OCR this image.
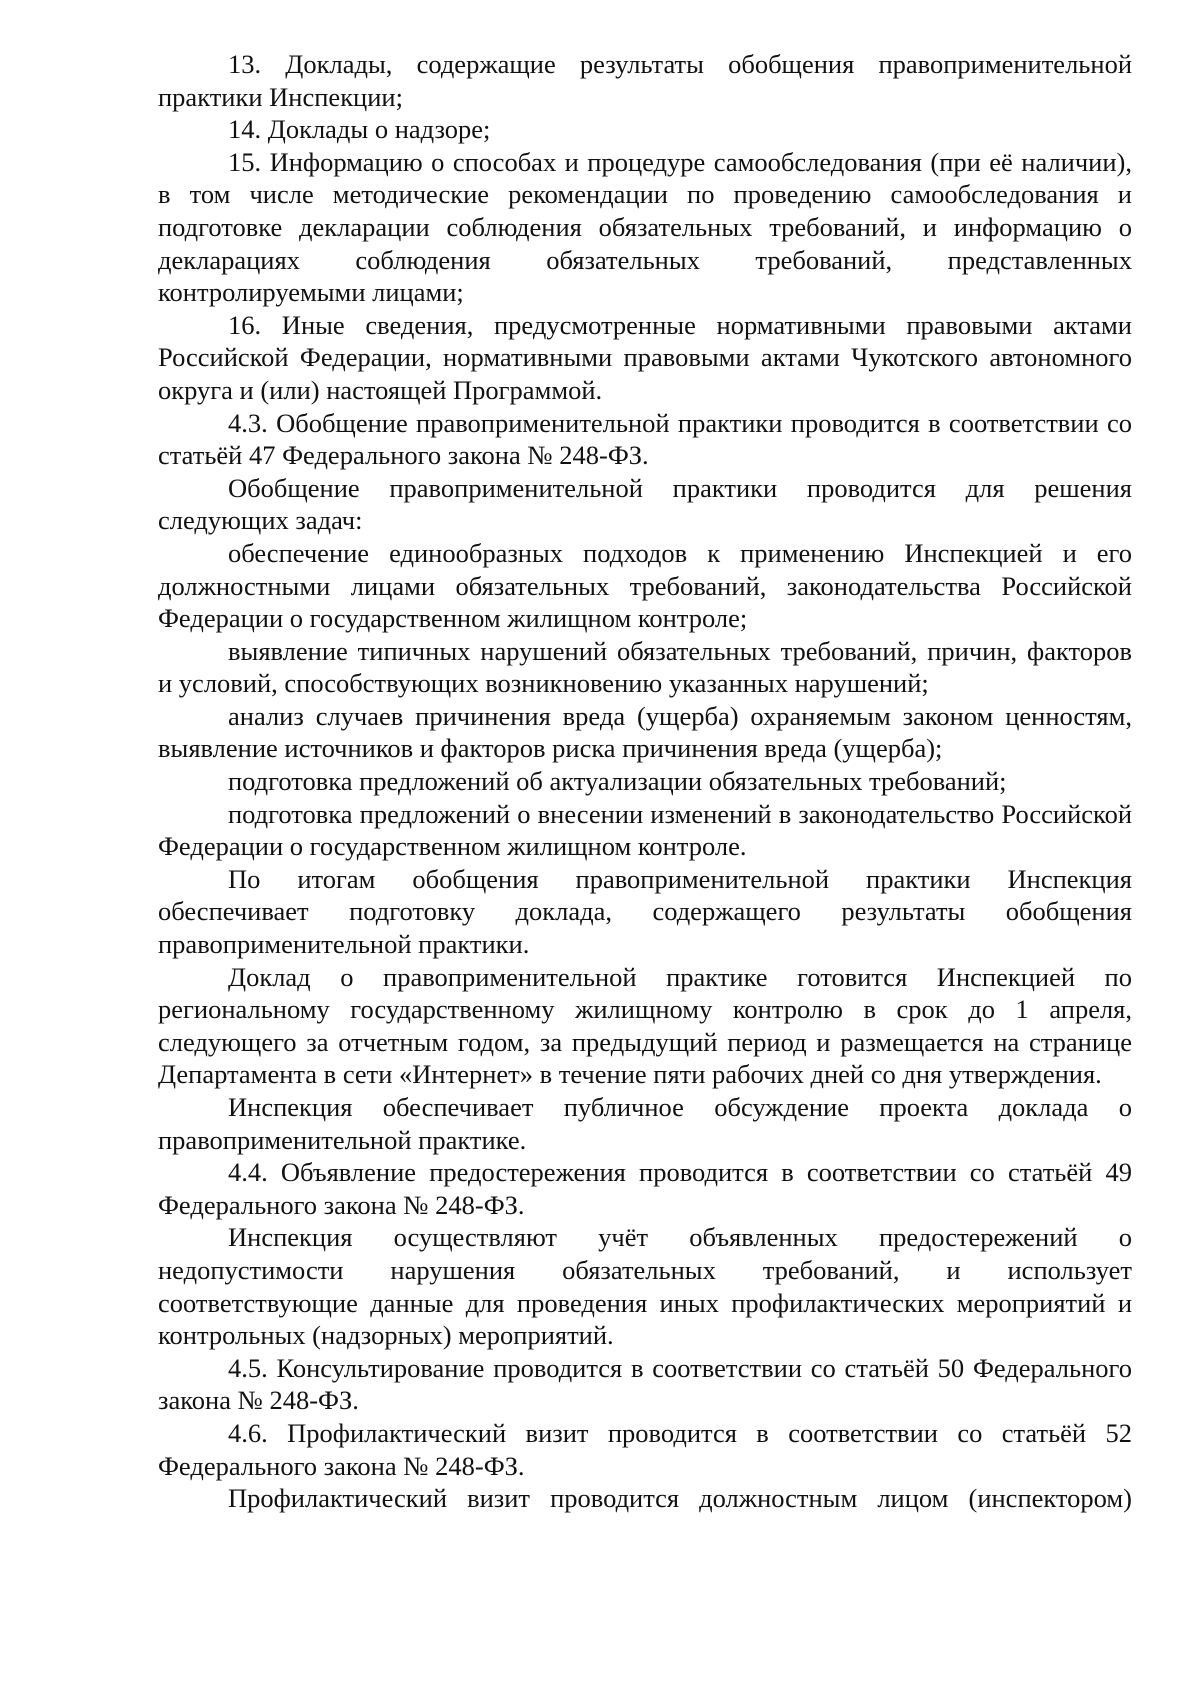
13. Доклады, содержащие результаты обобщения правоприменительной практики Инспекции;

14. Доклады о надзоре;

15. Информацию о способах и процедуре самообследования (при её наличии), в том числе методические рекомендации по проведению самообследования и подготовке декларации соблюдения обязательных требований, и информацию о декларациях соблюдения обязательных требований, представленных контролируемыми лицами;

16. Иные сведения, предусмотренные нормативными правовыми актами Российской Федерации, нормативными правовыми актами Чукотского автономного округа и (или) настоящей Программой.

4.3. Обобщение правоприменительной практики проводится в соответствии со статьёй 47 Федерального закона № 248-ФЗ.

Обобщение правоприменительной практики проводится для решения следующих задач:

обеспечение единообразных подходов к применению Инспекцией и его должностными лицами обязательных требований, законодательства Российской Федерации о государственном жилищном контроле;

выявление типичных нарушений обязательных требований, причин, факторов и условий, способствующих возникновению указанных нарушений;

анализ случаев причинения вреда (ущерба) охраняемым законом ценностям, выявление источников и факторов риска причинения вреда (ущерба);

подготовка предложений об актуализации обязательных требований;

подготовка предложений о внесении изменений в законодательство Российской Федерации о государственном жилищном контроле.

По итогам обобщения правоприменительной практики Инспекция обеспечивает подготовку доклада, содержащего результаты обобщения правоприменительной практики.

Доклад о правоприменительной практике готовится Инспекцией по региональному государственному жилищному контролю в срок до 1 апреля, следующего за отчетным годом, за предыдущий период и размещается на странице Департамента в сети «Интернет» в течение пяти рабочих дней со дня утверждения.

Инспекция обеспечивает публичное обсуждение проекта доклада о правоприменительной практике.

4.4. Объявление предостережения проводится в соответствии со статьёй 49 Федерального закона № 248-ФЗ.

Инспекция осуществляют учёт объявленных предостережений о недопустимости нарушения обязательных требований, и использует соответствующие данные для проведения иных профилактических мероприятий и контрольных (надзорных) мероприятий.

4.5. Консультирование проводится в соответствии со статьёй 50 Федерального закона № 248-ФЗ.

4.6. Профилактический визит проводится в соответствии со статьёй 52 Федерального закона № 248-ФЗ.

Профилактический визит проводится должностным лицом (инспектором)
